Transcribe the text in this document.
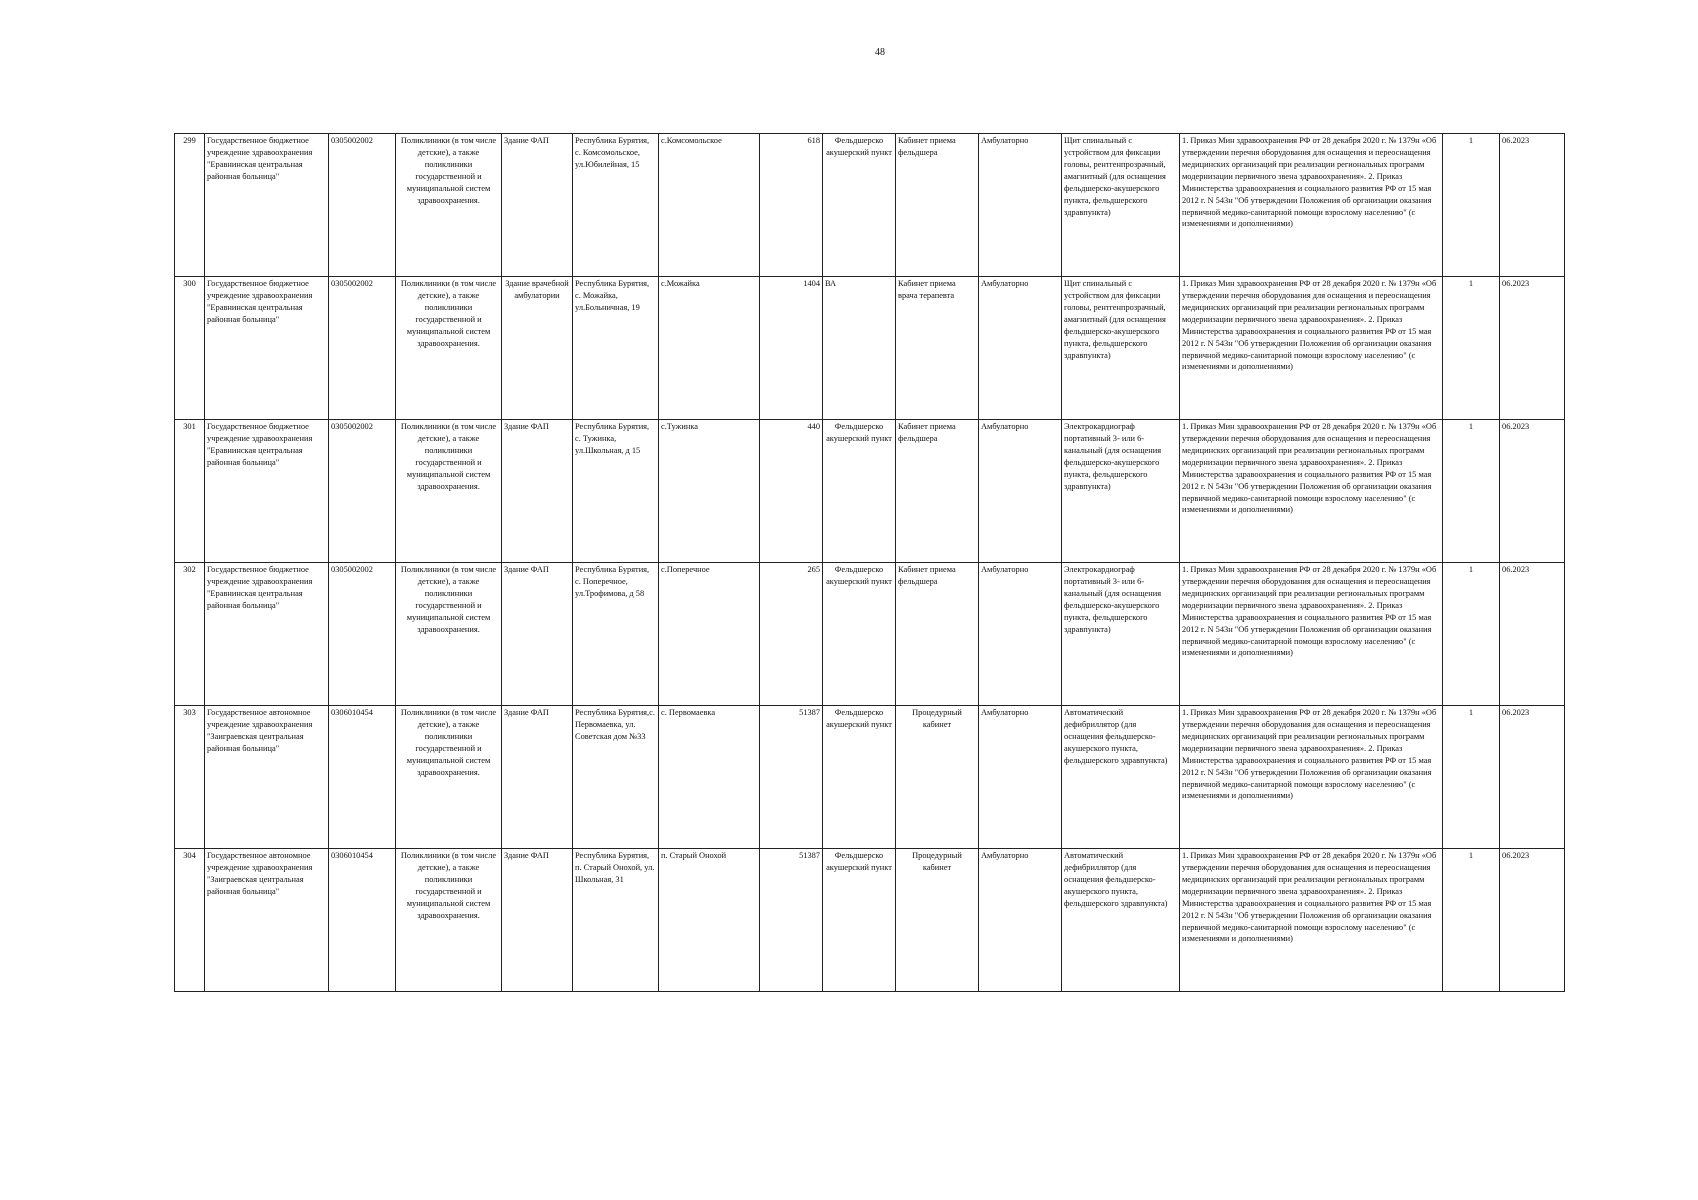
48
299	Государственное бюджетное учреждение здравоохранения "Еравнинская центральная районная больница"	0305002002	Поликлиники (в том числе детские), а также поликлиники государственной и муниципальной систем здравоохранения.	Здание ФАП	Республика Бурятия, с. Комсомольское, ул.Юбилейная, 15	с.Комсомольское	618	Фельдшерско акушерский пункт	Кабинет приема фельдшера	Амбулаторно	Щит спинальный с устройством для фиксации головы, рентгенпрозрачный, амагнитный (для оснащения фельдшерско-акушерского пункта, фельдшерского здравпункта)	1. Приказ Мин здравоохранения РФ от 28 декабря 2020 г. № 1379н «Об утверждении перечня оборудования для оснащения и переоснащения медицинских организаций при реализации региональных программ модернизации первичного звена здравоохранения». 2. Приказ Министерства здравоохранения и социального развития РФ от 15 мая 2012 г. N 543н "Об утверждении Положения об организации оказания первичной медико-санитарной помощи взрослому населению" (с изменениями и дополнениями)	1	06.2023
300	Государственное бюджетное учреждение здравоохранения "Еравнинская центральная районная больница"	0305002002	Поликлиники (в том числе детские), а также поликлиники государственной и муниципальной систем здравоохранения.	Здание врачебной амбулатории	Республика Бурятия, с. Можайка, ул.Больничная, 19	с.Можайка	1404	ВА	Кабинет приема врача терапевта	Амбулаторно	Щит спинальный с устройством для фиксации головы, рентгенпрозрачный, амагнитный (для оснащения фельдшерско-акушерского пункта, фельдшерского здравпункта)	1. Приказ Мин здравоохранения РФ от 28 декабря 2020 г. № 1379н «Об утверждении перечня оборудования для оснащения и переоснащения медицинских организаций при реализации региональных программ модернизации первичного звена здравоохранения». 2. Приказ Министерства здравоохранения и социального развития РФ от 15 мая 2012 г. N 543н "Об утверждении Положения об организации оказания первичной медико-санитарной помощи взрослому населению" (с изменениями и дополнениями)	1	06.2023
301	Государственное бюджетное учреждение здравоохранения "Еравнинская центральная районная больница"	0305002002	Поликлиники (в том числе детские), а также поликлиники государственной и муниципальной систем здравоохранения.	Здание ФАП	Республика Бурятия, с. Тужинка, ул.Школьная, д 15	с.Тужинка	440	Фельдшерско акушерский пункт	Кабинет приема фельдшера	Амбулаторно	Электрокардиограф портативный 3- или 6-канальный (для оснащения фельдшерско-акушерского пункта, фельдшерского здравпункта)	1. Приказ Мин здравоохранения РФ от 28 декабря 2020 г. № 1379н «Об утверждении перечня оборудования для оснащения и переоснащения медицинских организаций при реализации региональных программ модернизации первичного звена здравоохранения». 2. Приказ Министерства здравоохранения и социального развития РФ от 15 мая 2012 г. N 543н "Об утверждении Положения об организации оказания первичной медико-санитарной помощи взрослому населению" (с изменениями и дополнениями)	1	06.2023
302	Государственное бюджетное учреждение здравоохранения "Еравнинская центральная районная больница"	0305002002	Поликлиники (в том числе детские), а также поликлиники государственной и муниципальной систем здравоохранения.	Здание ФАП	Республика Бурятия, с. Поперечное, ул.Трофимова, д 58	с.Поперечное	265	Фельдшерско акушерский пункт	Кабинет приема фельдшера	Амбулаторно	Электрокардиограф портативный 3- или 6-канальный (для оснащения фельдшерско-акушерского пункта, фельдшерского здравпункта)	1. Приказ Мин здравоохранения РФ от 28 декабря 2020 г. № 1379н «Об утверждении перечня оборудования для оснащения и переоснащения медицинских организаций при реализации региональных программ модернизации первичного звена здравоохранения». 2. Приказ Министерства здравоохранения и социального развития РФ от 15 мая 2012 г. N 543н "Об утверждении Положения об организации оказания первичной медико-санитарной помощи взрослому населению" (с изменениями и дополнениями)	1	06.2023
303	Государственное автономное учреждение здравоохранения "Заиграевская центральная районная больница"	0306010454	Поликлиники (в том числе детские), а также поликлиники государственной и муниципальной систем здравоохранения.	Здание ФАП	Республика Бурятия,с. Первомаевка, ул. Советская дом №33	с. Первомаевка	51387	Фельдшерско акушерский пункт	Процедурный кабинет	Амбулаторно	Автоматический дефибриллятор (для оснащения фельдшерско-акушерского пункта, фельдшерского здравпункта)	1. Приказ Мин здравоохранения РФ от 28 декабря 2020 г. № 1379н «Об утверждении перечня оборудования для оснащения и переоснащения медицинских организаций при реализации региональных программ модернизации первичного звена здравоохранения». 2. Приказ Министерства здравоохранения и социального развития РФ от 15 мая 2012 г. N 543н "Об утверждении Положения об организации оказания первичной медико-санитарной помощи взрослому населению" (с изменениями и дополнениями)	1	06.2023
304	Государственное автономное учреждение здравоохранения "Заиграевская центральная районная больница"	0306010454	Поликлиники (в том числе детские), а также поликлиники государственной и муниципальной систем здравоохранения.	Здание ФАП	Республика Бурятия, п. Старый Онохой, ул. Школьная, 31	п. Старый Онохой	51387	Фельдшерско акушерский пункт	Процедурный кабинет	Амбулаторно	Автоматический дефибриллятор (для оснащения фельдшерско-акушерского пункта, фельдшерского здравпункта)	1. Приказ Мин здравоохранения РФ от 28 декабря 2020 г. № 1379н «Об утверждении перечня оборудования для оснащения и переоснащения медицинских организаций при реализации региональных программ модернизации первичного звена здравоохранения». 2. Приказ Министерства здравоохранения и социального развития РФ от 15 мая 2012 г. N 543н "Об утверждении Положения об организации оказания первичной медико-санитарной помощи взрослому населению" (с изменениями и дополнениями)	1	06.2023
